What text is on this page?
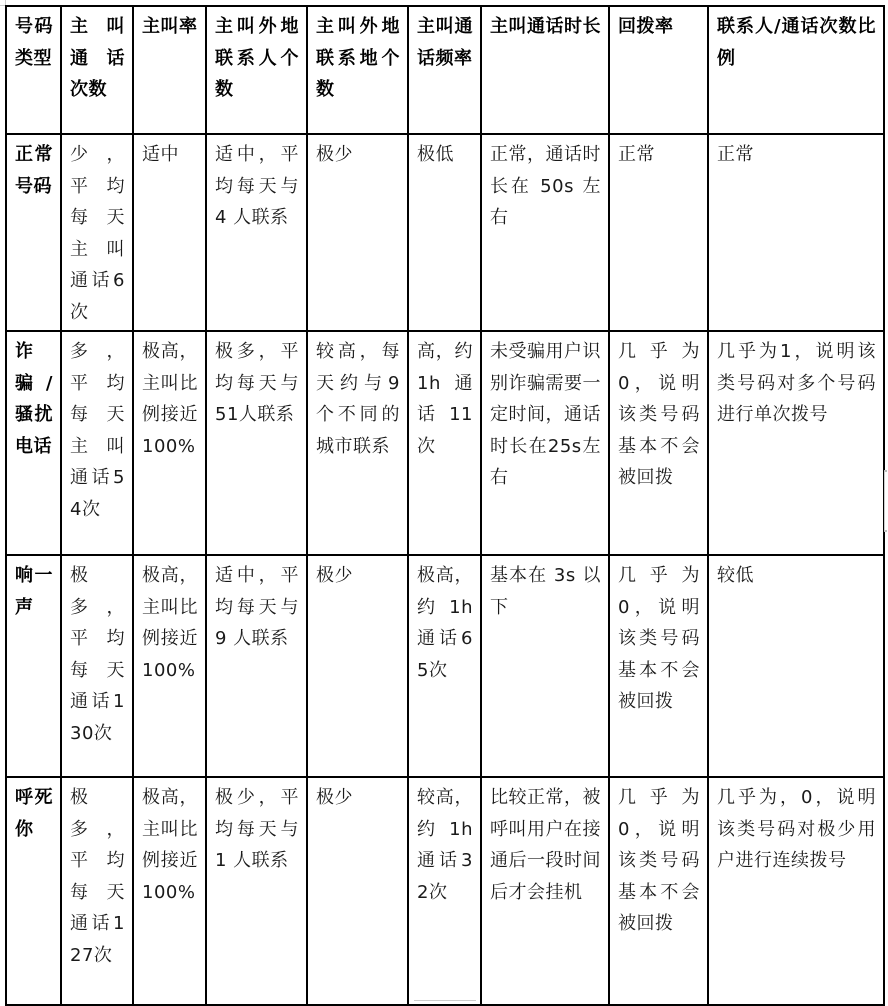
号码类型	主叫通话次数	主叫率	主叫外地联系人个数	主叫外地联系地个数	主叫通话频率	主叫通话时长	回拨率	联系人/通话次数比例
正常号码	少，平均每天主叫通话6次	适中	适中，平均每天与 4 人联系	极少	极低	正常，通话时长在 50s 左右	正常	正常
诈骗/骚扰电话	多，平均每天主叫通话54次	极高，主叫比例接近100%	极多，平均每天与51人联系	较高，每天约与9个不同的城市联系	高，约1h通话11次	未受骗用户识别诈骗需要一定时间，通话时长在25s左右	几乎为0，说明该类号码基本不会被回拨	几乎为1，说明该类号码对多个号码进行单次拨号
响一声	极多，平均每天通话130次	极高，主叫比例接近100%	适中，平均每天与 9 人联系	极少	极高，约1h通话65次	基本在 3s 以下	几乎为0，说明该类号码基本不会被回拨	较低
呼死你	极多，平均每天通话127次	极高，主叫比例接近100%	极少，平均每天与 1 人联系	极少	较高，约1h通话32次	比较正常，被呼叫用户在接通后一段时间后才会挂机	几乎为0，说明该类号码基本不会被回拨	几乎为，0，说明该类号码对极少用户进行连续拨号
